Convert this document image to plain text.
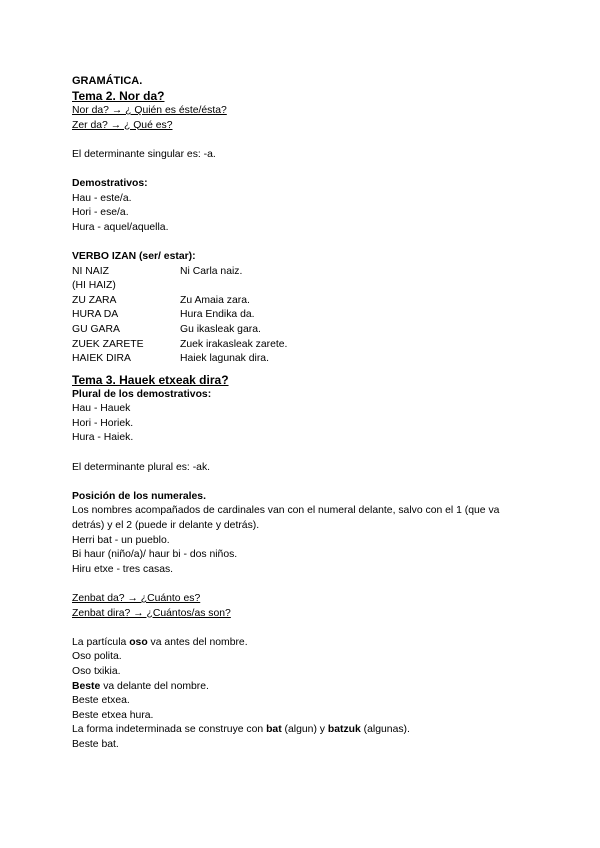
GRAMÁTICA.
Tema 2. Nor da?
Nor da? → ¿ Quién es éste/ésta?
Zer da? → ¿ Qué es?
El determinante singular es: -a.
Demostrativos:
Hau - este/a.
Hori - ese/a.
Hura - aquel/aquella.
VERBO IZAN (ser/ estar):
NI NAIZ	Ni Carla naiz.
(HI HAIZ)
ZU ZARA	Zu Amaia zara.
HURA DA	Hura Endika da.
GU GARA	Gu ikasleak gara.
ZUEK ZARETE	Zuek irakasleak zarete.
HAIEK DIRA	Haiek lagunak dira.
Tema 3. Hauek etxeak dira?
Plural de los demostrativos:
Hau - Hauek
Hori - Horiek.
Hura - Haiek.
El determinante plural es: -ak.
Posición de los numerales.
Los nombres acompañados de cardinales van con el numeral delante, salvo con el 1 (que va detrás) y el 2 (puede ir delante y detrás).
Herri bat - un pueblo.
Bi haur (niño/a)/ haur bi - dos niños.
Hiru etxe - tres casas.
Zenbat da? → ¿Cuánto es?
Zenbat dira? → ¿Cuántos/as son?
La partícula oso va antes del nombre.
Oso polita.
Oso txikia.
Beste va delante del nombre.
Beste etxea.
Beste etxea hura.
La forma indeterminada se construye con bat (algun) y batzuk (algunas).
Beste bat.
